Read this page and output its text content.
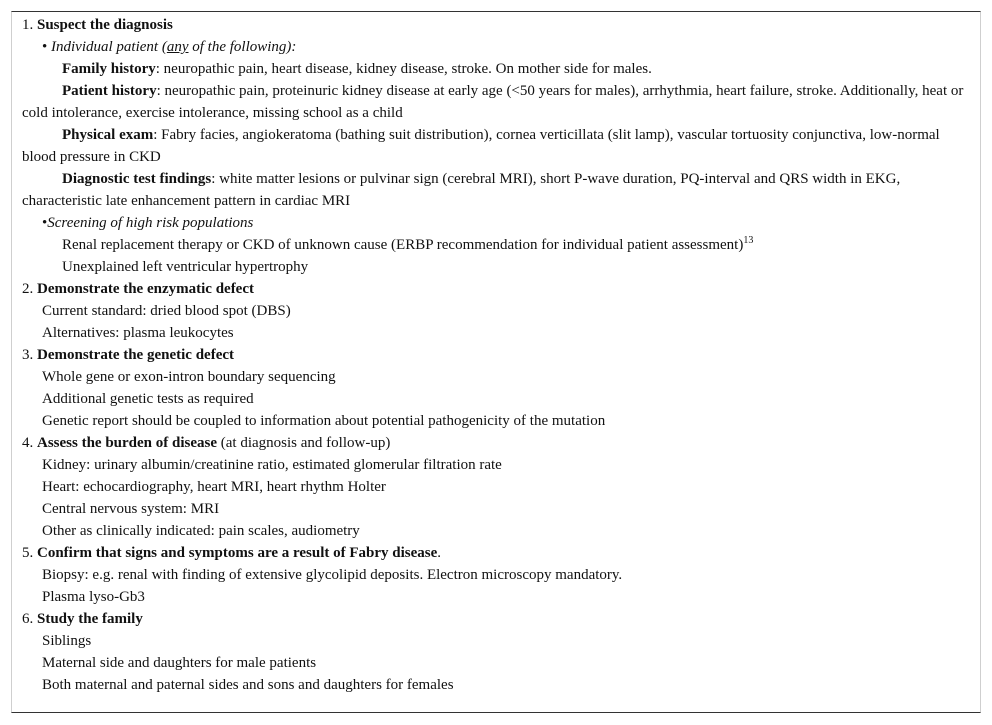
1. Suspect the diagnosis
• Individual patient (any of the following):
Family history: neuropathic pain, heart disease, kidney disease, stroke. On mother side for males.
Patient history: neuropathic pain, proteinuric kidney disease at early age (<50 years for males), arrhythmia, heart failure, stroke. Additionally, heat or cold intolerance, exercise intolerance, missing school as a child
Physical exam: Fabry facies, angiokeratoma (bathing suit distribution), cornea verticillata (slit lamp), vascular tortuosity conjunctiva, low-normal blood pressure in CKD
Diagnostic test findings: white matter lesions or pulvinar sign (cerebral MRI), short P-wave duration, PQ-interval and QRS width in EKG, characteristic late enhancement pattern in cardiac MRI
•Screening of high risk populations
Renal replacement therapy or CKD of unknown cause (ERBP recommendation for individual patient assessment)$^{13}$
Unexplained left ventricular hypertrophy
2. Demonstrate the enzymatic defect
Current standard: dried blood spot (DBS)
Alternatives: plasma leukocytes
3. Demonstrate the genetic defect
Whole gene or exon-intron boundary sequencing
Additional genetic tests as required
Genetic report should be coupled to information about potential pathogenicity of the mutation
4. Assess the burden of disease (at diagnosis and follow-up)
Kidney: urinary albumin/creatinine ratio, estimated glomerular filtration rate
Heart: echocardiography, heart MRI, heart rhythm Holter
Central nervous system: MRI
Other as clinically indicated: pain scales, audiometry
5. Confirm that signs and symptoms are a result of Fabry disease.
Biopsy: e.g. renal with finding of extensive glycolipid deposits. Electron microscopy mandatory.
Plasma lyso-Gb3
6. Study the family
Siblings
Maternal side and daughters for male patients
Both maternal and paternal sides and sons and daughters for females
